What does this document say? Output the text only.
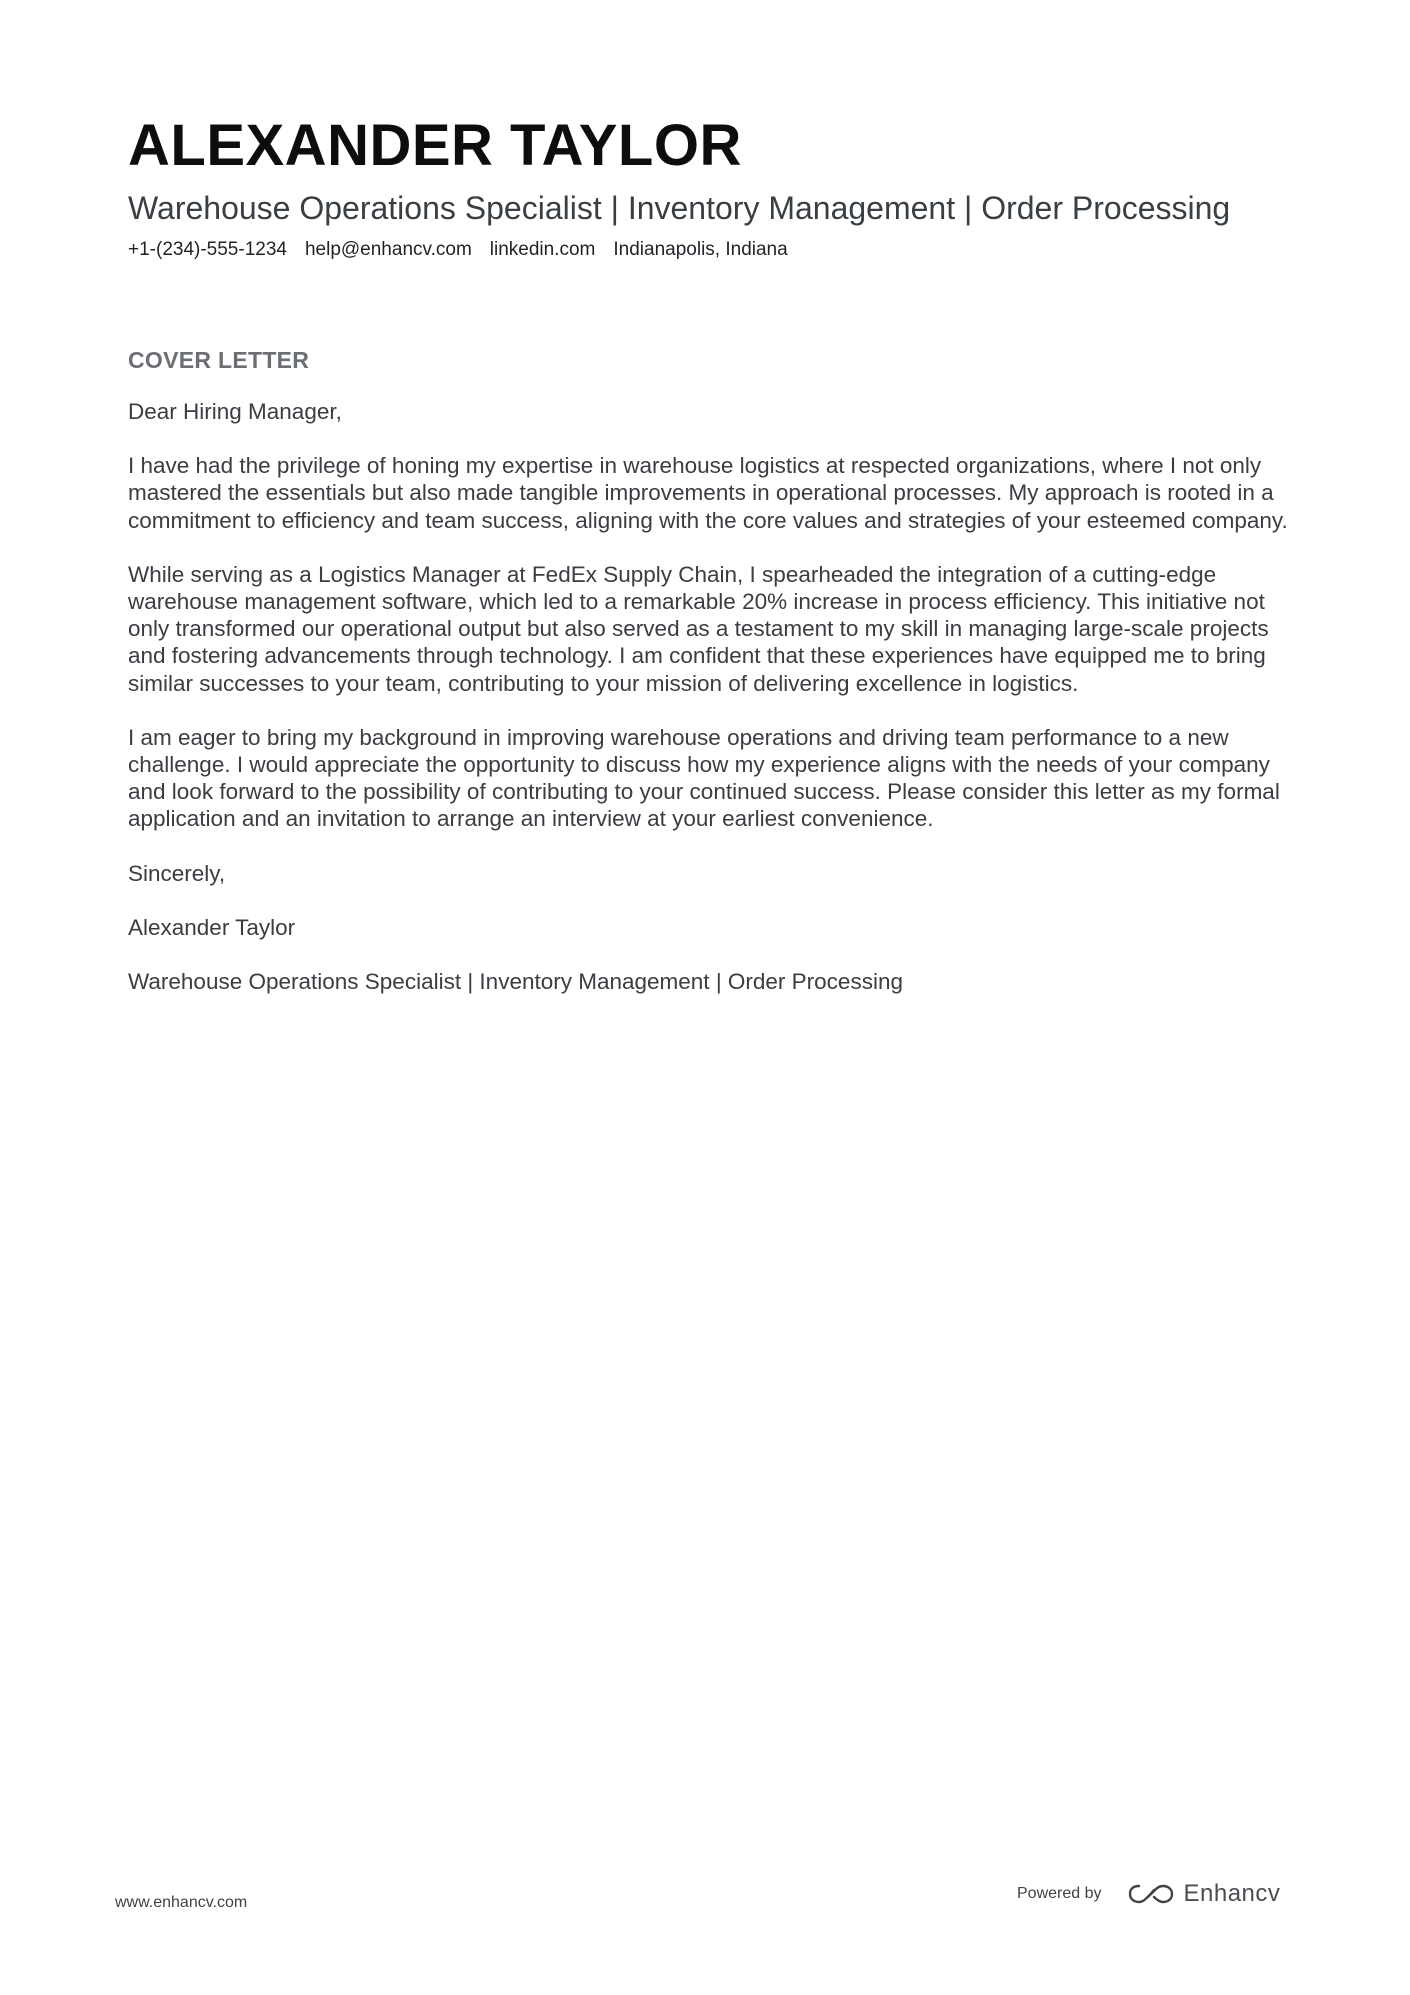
ALEXANDER TAYLOR
Warehouse Operations Specialist | Inventory Management | Order Processing
+1-(234)-555-1234 help@enhancv.com linkedin.com Indianapolis, Indiana
COVER LETTER

Dear Hiring Manager,

I have had the privilege of honing my expertise in warehouse logistics at respected organizations, where I not only mastered the essentials but also made tangible improvements in operational processes. My approach is rooted in a commitment to efficiency and team success, aligning with the core values and strategies of your esteemed company.

While serving as a Logistics Manager at FedEx Supply Chain, I spearheaded the integration of a cutting-edge warehouse management software, which led to a remarkable 20% increase in process efficiency. This initiative not only transformed our operational output but also served as a testament to my skill in managing large-scale projects and fostering advancements through technology. I am confident that these experiences have equipped me to bring similar successes to your team, contributing to your mission of delivering excellence in logistics.

I am eager to bring my background in improving warehouse operations and driving team performance to a new challenge. I would appreciate the opportunity to discuss how my experience aligns with the needs of your company and look forward to the possibility of contributing to your continued success. Please consider this letter as my formal application and an invitation to arrange an interview at your earliest convenience.

Sincerely,

Alexander Taylor

Warehouse Operations Specialist | Inventory Management | Order Processing

www.enhancv.com
Powered by	Enhancv
